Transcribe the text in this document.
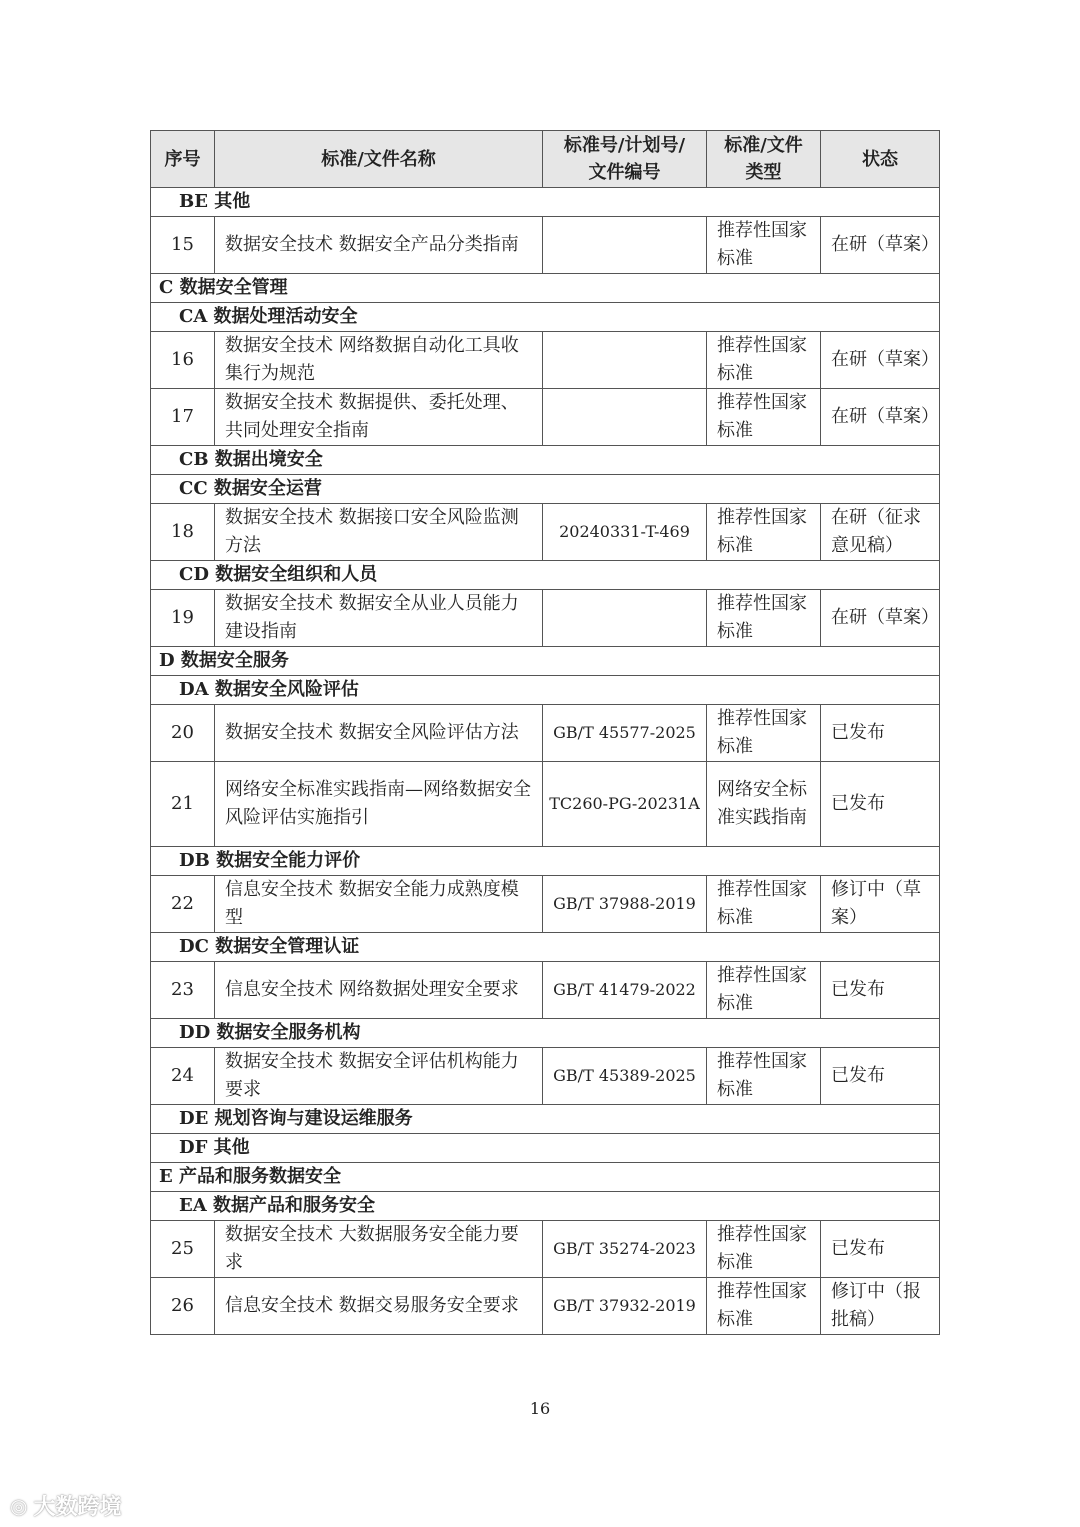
序号	标准/文件名称	标准号/计划号/文件编号	标准/文件类型	状态
BE 其他				
15	数据安全技术 数据安全产品分类指南		推荐性国家标准	在研（草案）
C 数据安全管理				
CA 数据处理活动安全				
16	数据安全技术 网络数据自动化工具收集行为规范		推荐性国家标准	在研（草案）
17	数据安全技术 数据提供、委托处理、共同处理安全指南		推荐性国家标准	在研（草案）
CB 数据出境安全				
CC 数据安全运营				
18	数据安全技术 数据接口安全风险监测方法	20240331-T-469	推荐性国家标准	在研（征求意见稿）
CD 数据安全组织和人员				
19	数据安全技术 数据安全从业人员能力建设指南		推荐性国家标准	在研（草案）
D 数据安全服务				
DA 数据安全风险评估				
20	数据安全技术 数据安全风险评估方法	GB/T 45577-2025	推荐性国家标准	已发布
21	网络安全标准实践指南—网络数据安全风险评估实施指引	TC260-PG-20231A	网络安全标准实践指南	已发布
DB 数据安全能力评价				
22	信息安全技术 数据安全能力成熟度模型	GB/T 37988-2019	推荐性国家标准	修订中（草案）
DC 数据安全管理认证				
23	信息安全技术 网络数据处理安全要求	GB/T 41479-2022	推荐性国家标准	已发布
DD 数据安全服务机构				
24	数据安全技术 数据安全评估机构能力要求	GB/T 45389-2025	推荐性国家标准	已发布
DE 规划咨询与建设运维服务				
DF 其他				
E 产品和服务数据安全				
EA 数据产品和服务安全				
25	数据安全技术 大数据服务安全能力要求	GB/T 35274-2023	推荐性国家标准	已发布
26	信息安全技术 数据交易服务安全要求	GB/T 37932-2019	推荐性国家标准	修订中（报批稿）
16
◎ 大数跨境
